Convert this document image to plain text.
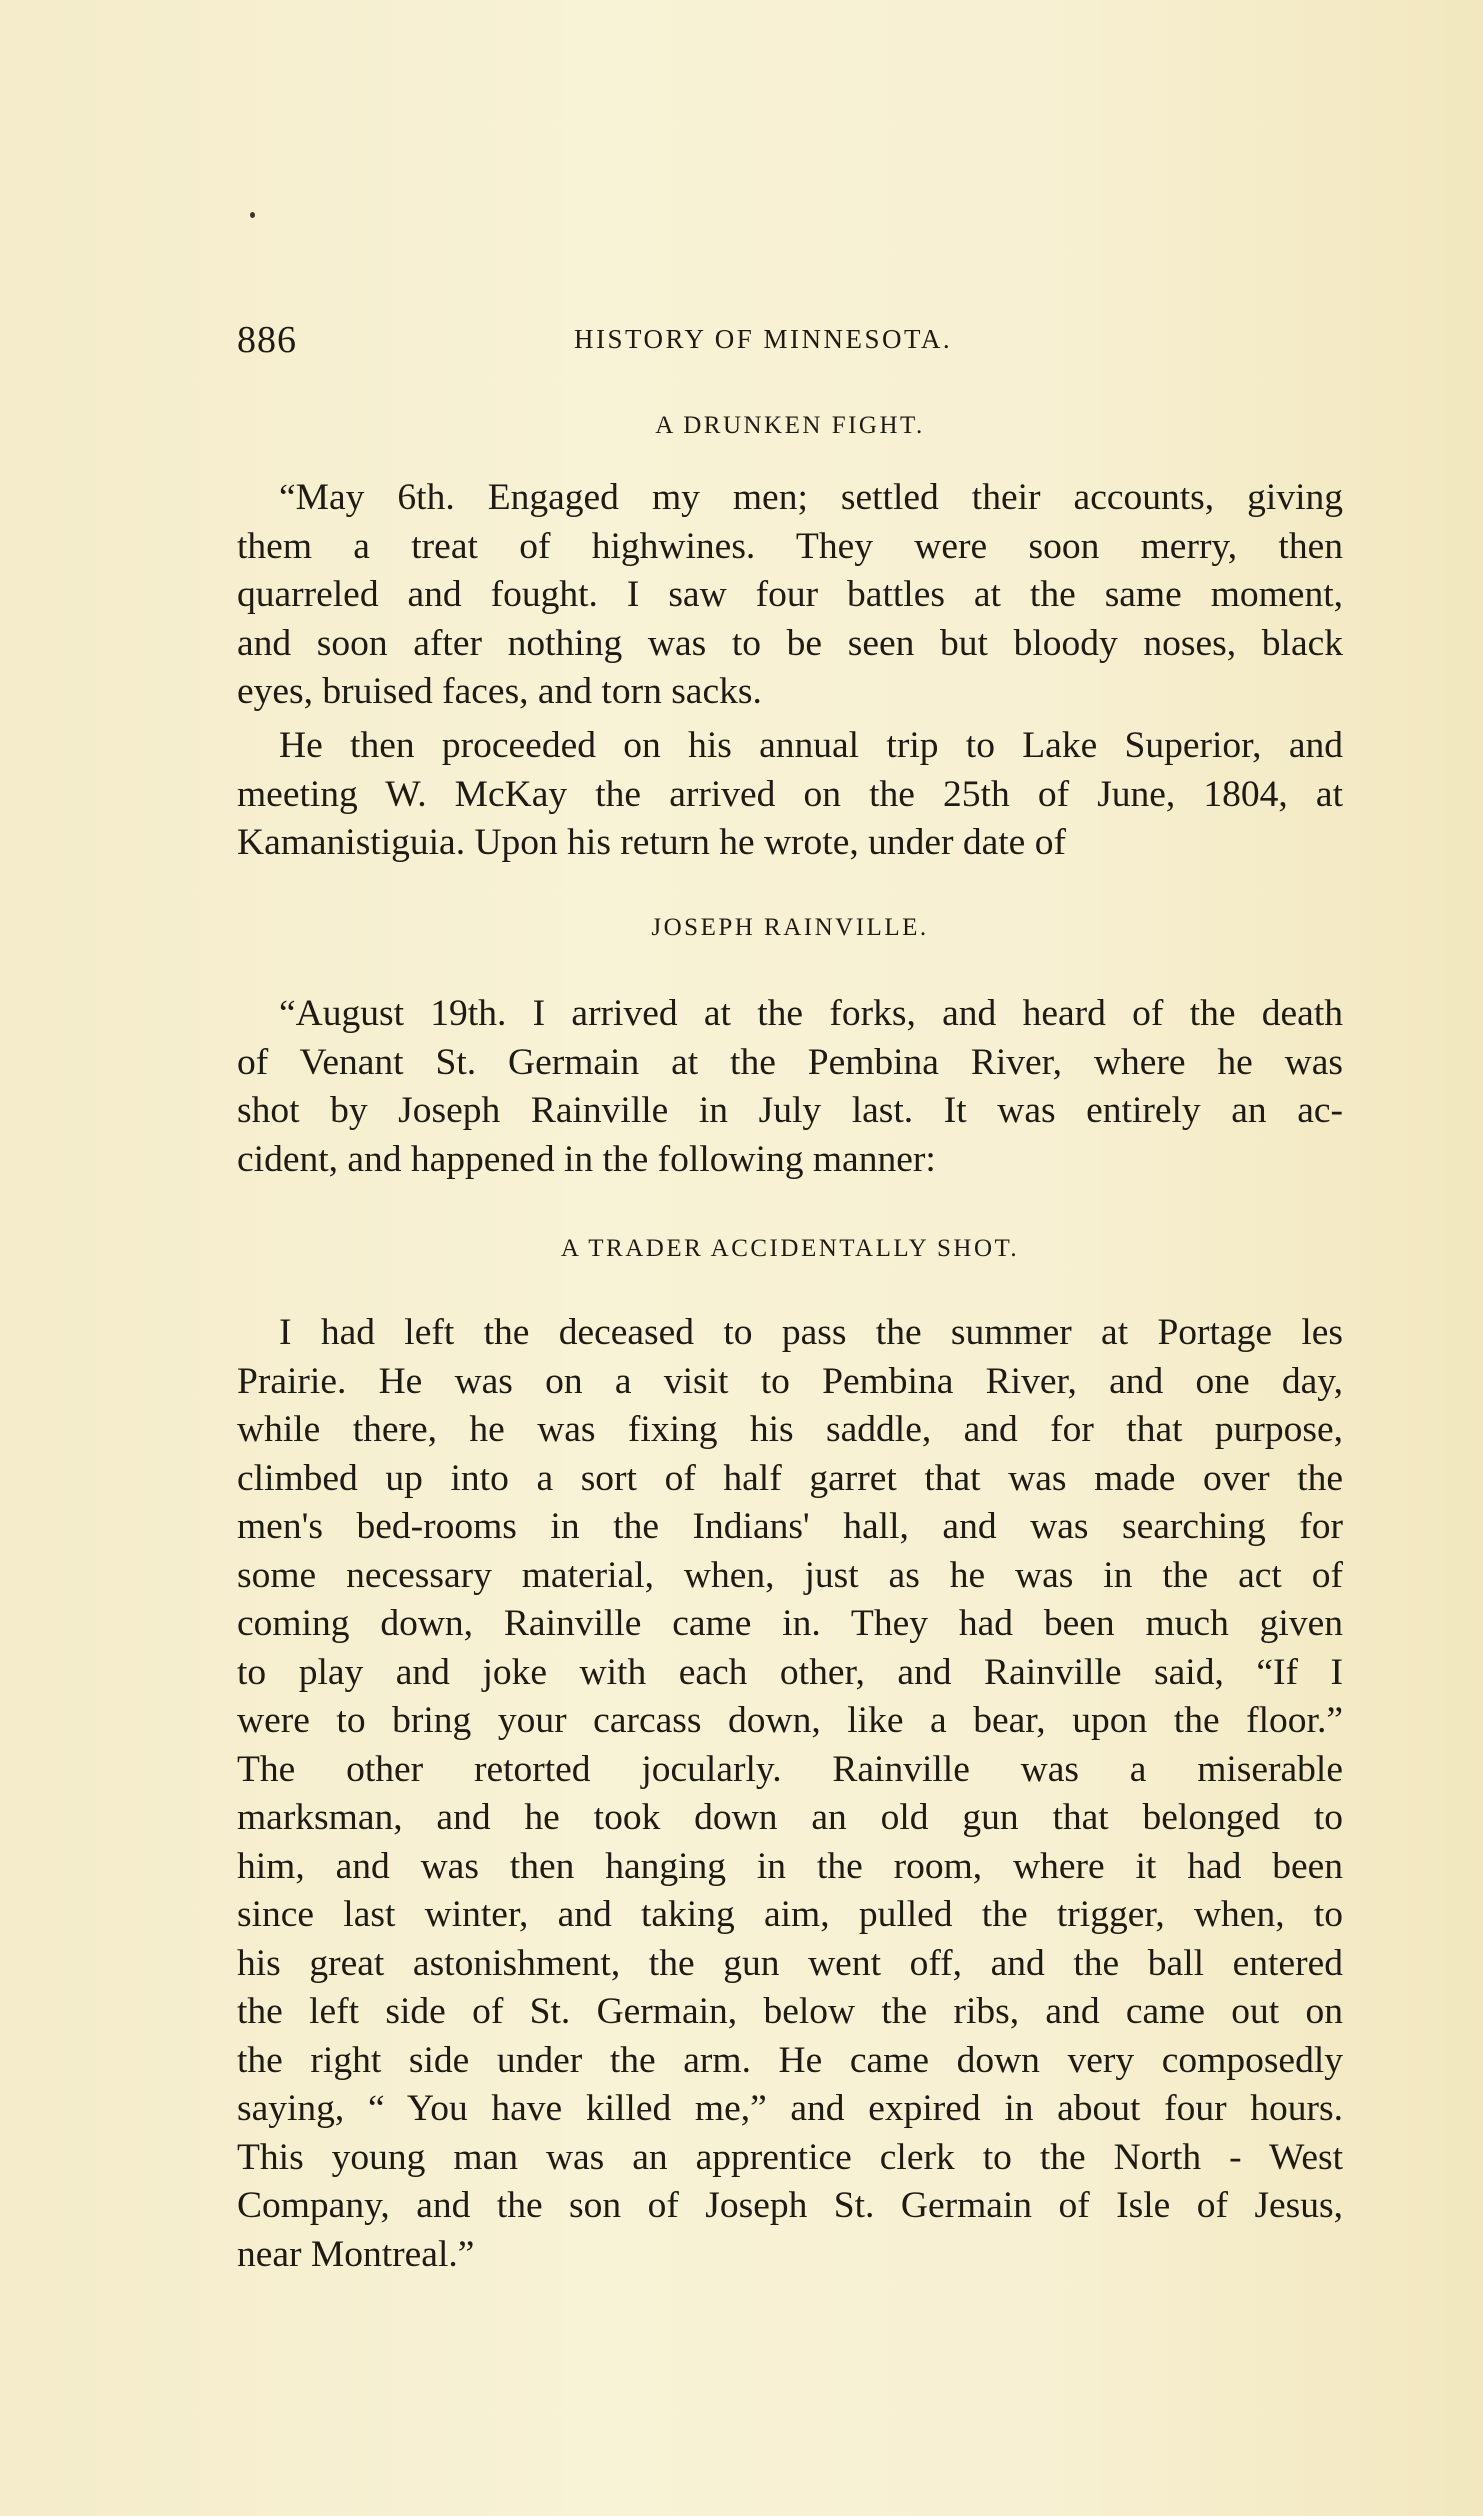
886	HISTORY OF MINNESOTA.
A DRUNKEN FIGHT.
“May 6th. Engaged my men; settled their accounts, giving
them a treat of highwines. They were soon merry, then
quarreled and fought. I saw four battles at the same moment,
and soon after nothing was to be seen but bloody noses, black
eyes, bruised faces, and torn sacks.
He then proceeded on his annual trip to Lake Superior, and
meeting W. McKay the arrived on the 25th of June, 1804, at
Kamanistiguia. Upon his return he wrote, under date of
JOSEPH RAINVILLE.
“August 19th. I arrived at the forks, and heard of the death
of Venant St. Germain at the Pembina River, where he was
shot by Joseph Rainville in July last. It was entirely an ac-
cident, and happened in the following manner:
A TRADER ACCIDENTALLY SHOT.
I had left the deceased to pass the summer at Portage les
Prairie. He was on a visit to Pembina River, and one day,
while there, he was fixing his saddle, and for that purpose,
climbed up into a sort of half garret that was made over the
men's bed-rooms in the Indians' hall, and was searching for
some necessary material, when, just as he was in the act of
coming down, Rainville came in. They had been much given
to play and joke with each other, and Rainville said, “If I
were to bring your carcass down, like a bear, upon the floor.”
The other retorted jocularly. Rainville was a miserable
marksman, and he took down an old gun that belonged to
him, and was then hanging in the room, where it had been
since last winter, and taking aim, pulled the trigger, when, to
his great astonishment, the gun went off, and the ball entered
the left side of St. Germain, below the ribs, and came out on
the right side under the arm. He came down very composedly
saying, “ You have killed me,” and expired in about four hours.
This young man was an apprentice clerk to the North - West
Company, and the son of Joseph St. Germain of Isle of Jesus,
near Montreal.”
